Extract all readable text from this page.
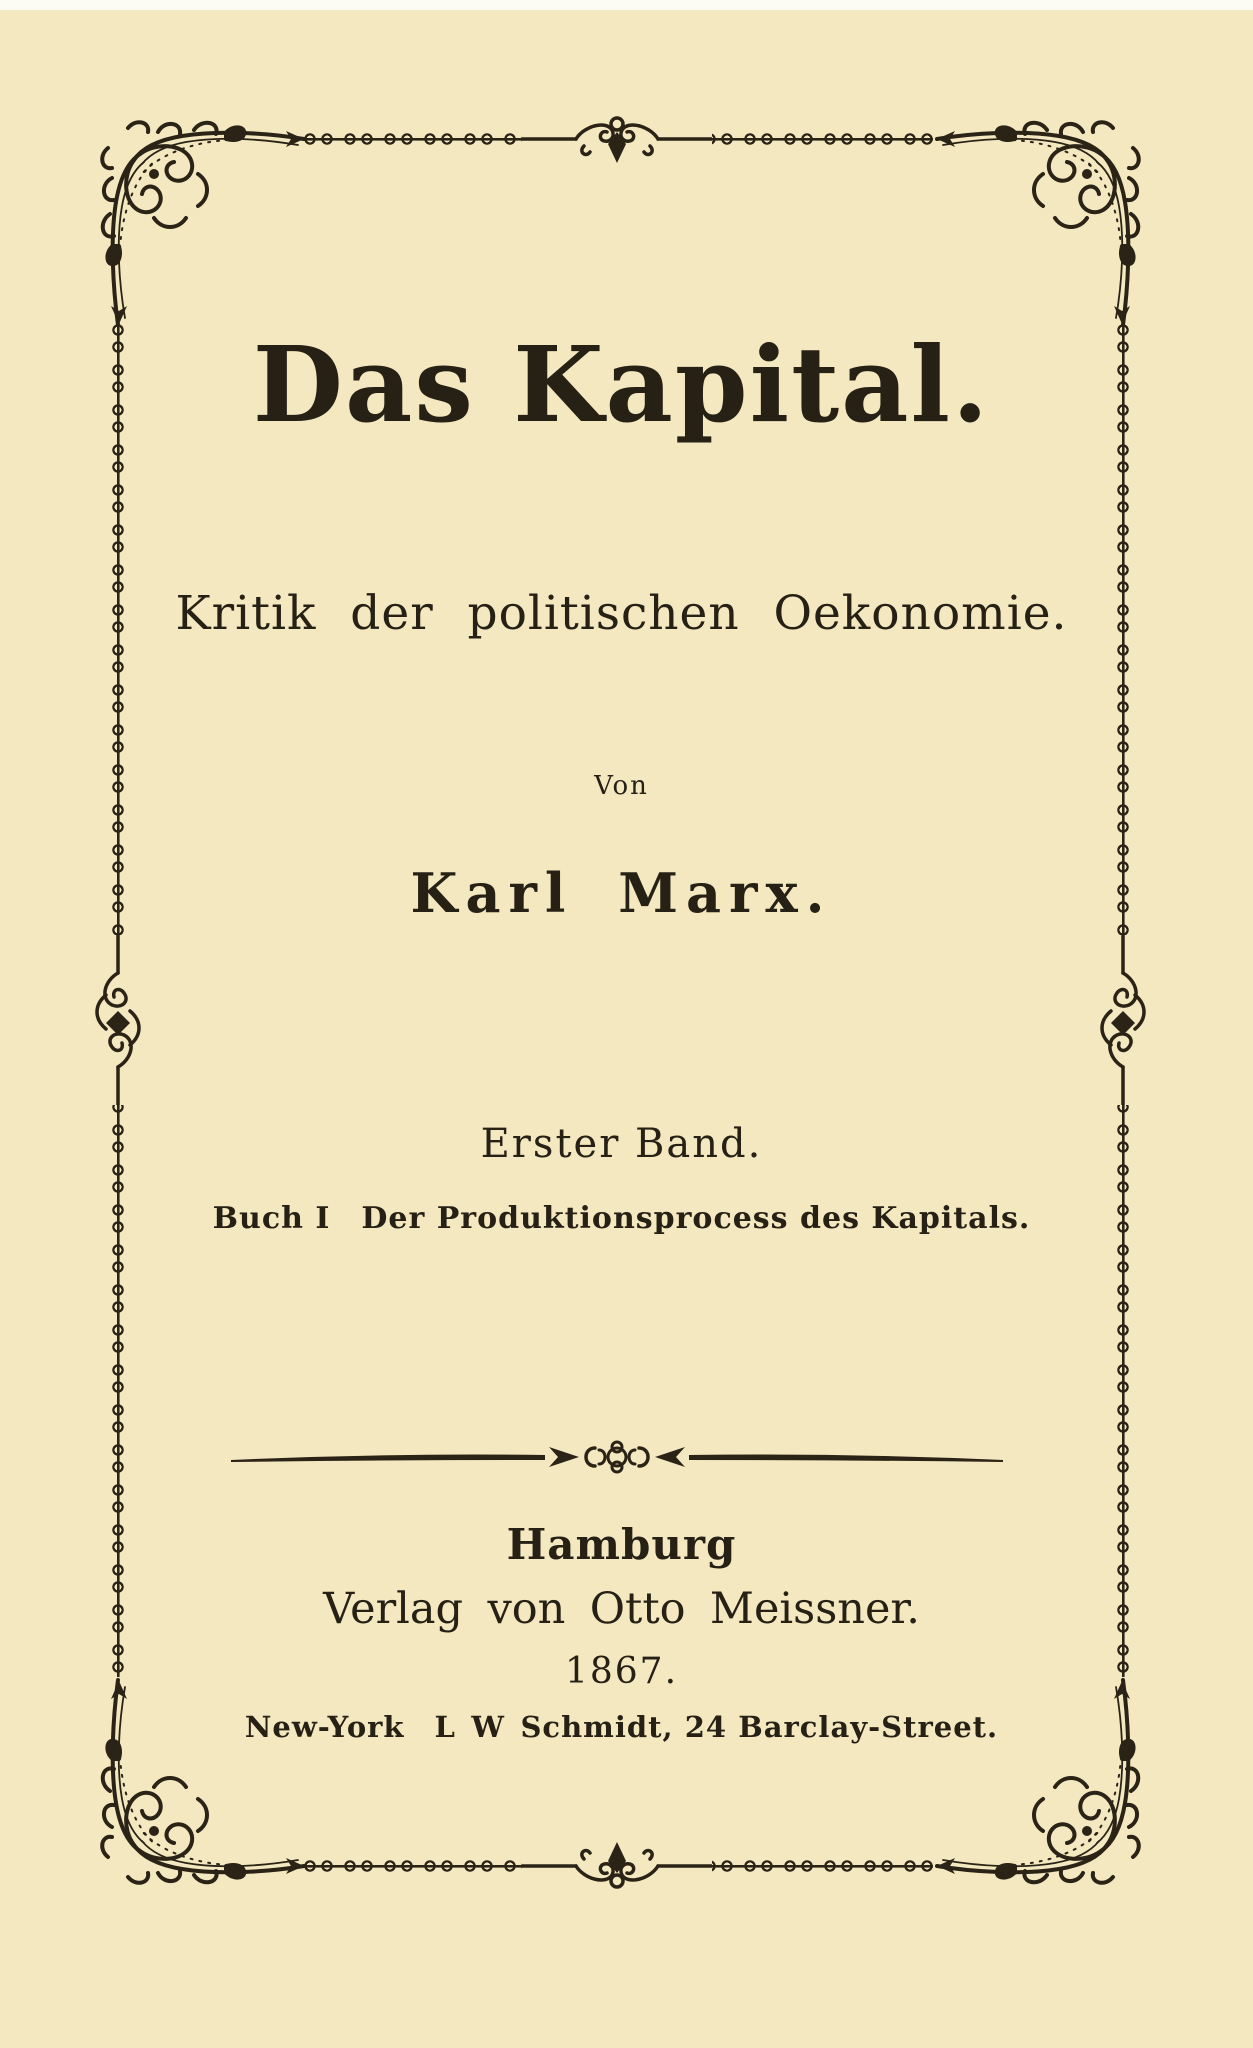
Das Kapital.
Kritik der politischen Oekonomie.
Von
Karl Marx.
Erster Band.
Buch I Der Produktionsprocess des Kapitals.
Hamburg
Verlag von Otto Meissner.
1867.
New-York L W Schmidt, 24 Barclay-Street.
